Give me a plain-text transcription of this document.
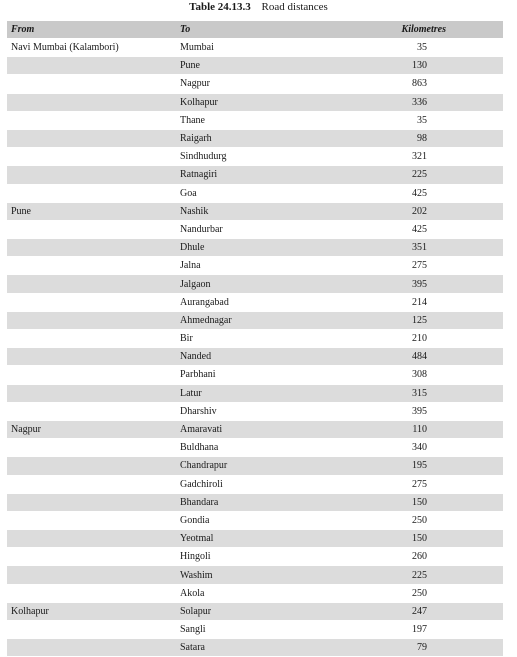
Table 24.13.3 Road distances
From	To	Kilometres
Navi Mumbai (Kalambori)	Mumbai	35
	Pune	130
	Nagpur	863
	Kolhapur	336
	Thane	35
	Raigarh	98
	Sindhudurg	321
	Ratnagiri	225
	Goa	425
Pune	Nashik	202
	Nandurbar	425
	Dhule	351
	Jalna	275
	Jalgaon	395
	Aurangabad	214
	Ahmednagar	125
	Bir	210
	Nanded	484
	Parbhani	308
	Latur	315
	Dharshiv	395
Nagpur	Amaravati	110
	Buldhana	340
	Chandrapur	195
	Gadchiroli	275
	Bhandara	150
	Gondia	250
	Yeotmal	150
	Hingoli	260
	Washim	225
	Akola	250
Kolhapur	Solapur	247
	Sangli	197
	Satara	79
